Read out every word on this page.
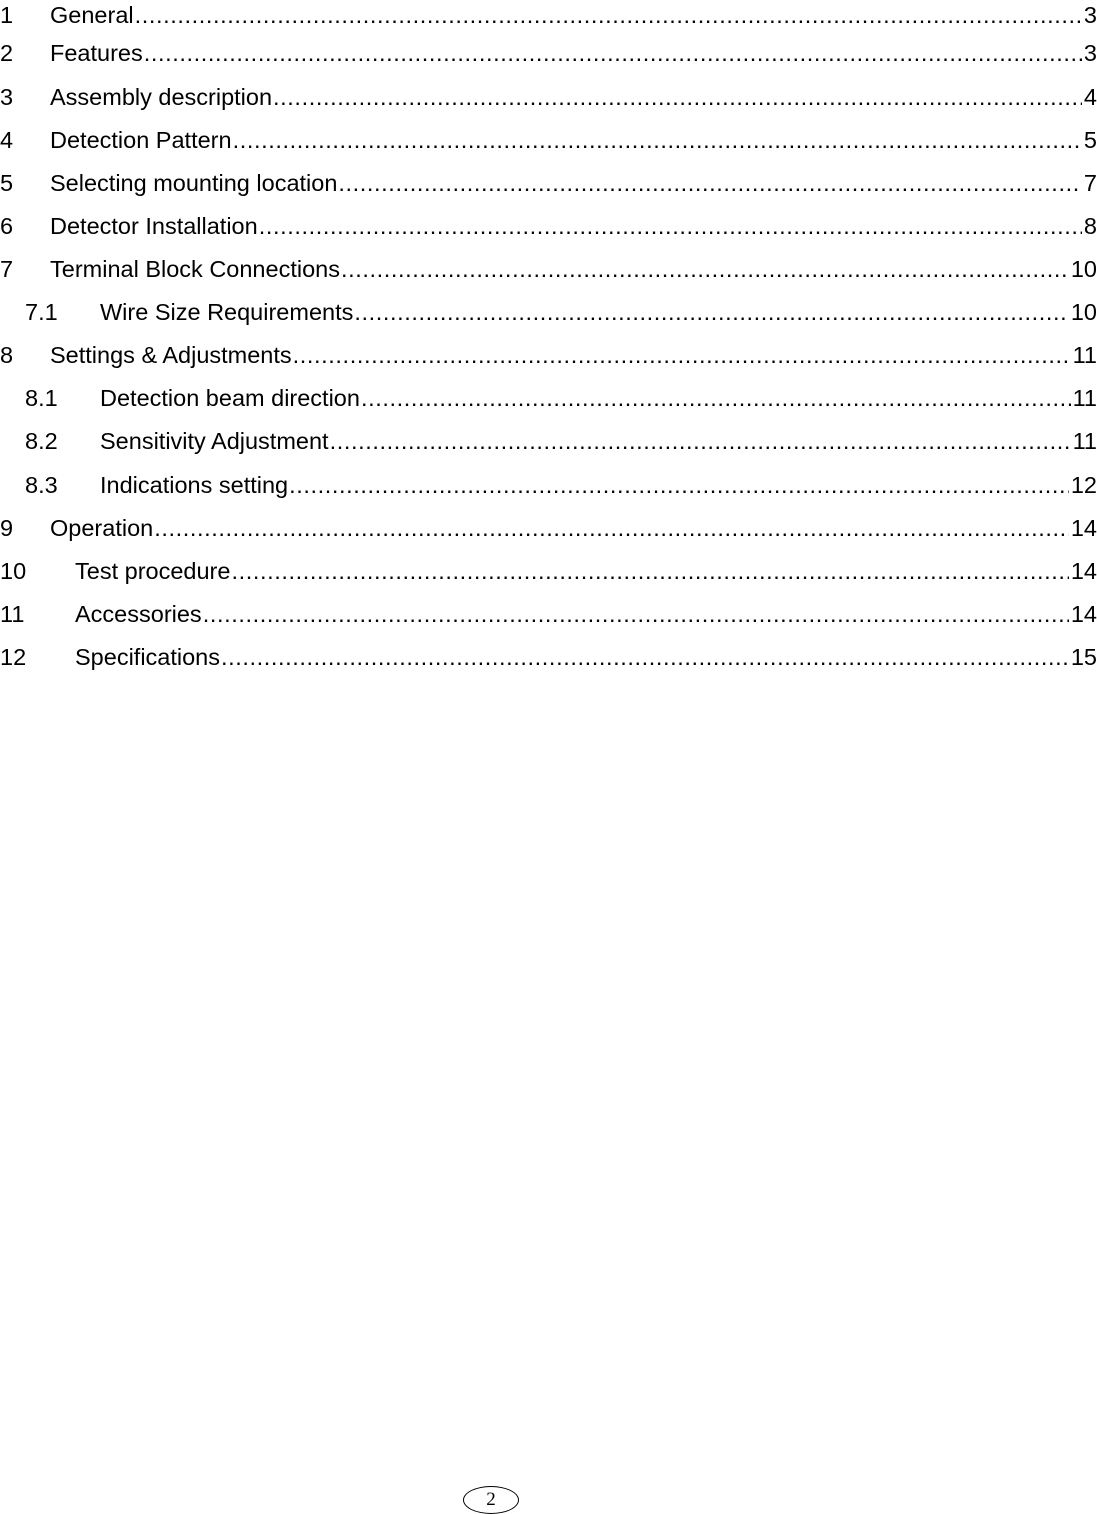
1 General .....	3
2 Features .....	3
3 Assembly description .....	4
4 Detection Pattern .....	5
5 Selecting mounting location .....	7
6 Detector Installation .....	8
7 Terminal Block Connections .....	10
7.1 Wire Size Requirements .....	10
8 Settings & Adjustments .....	11
8.1 Detection beam direction .....	11
8.2 Sensitivity Adjustment .....	11
8.3 Indications setting .....	12
9 Operation .....	14
10 Test procedure .....	14
11 Accessories .....	14
12 Specifications .....	15
2
